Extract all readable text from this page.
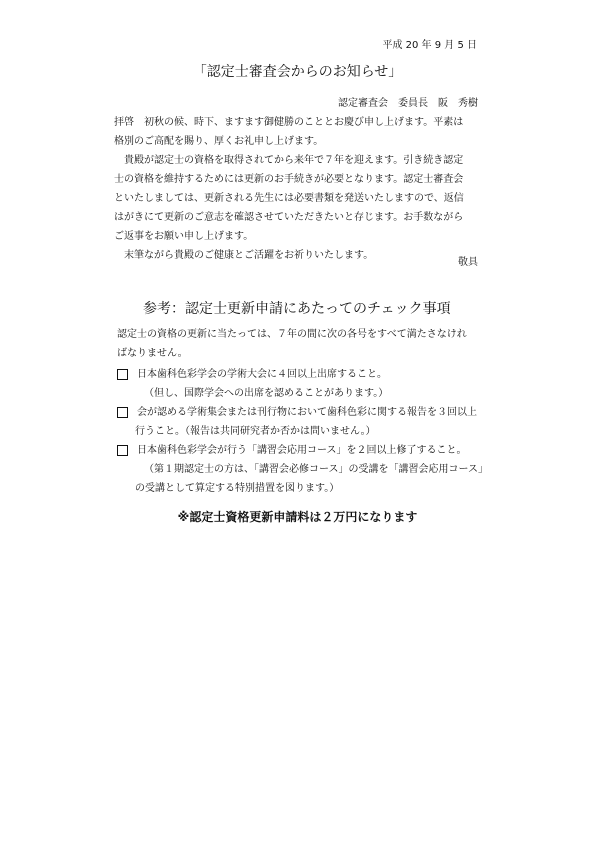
平成 20 年 9 月 5 日
「認定士審査会からのお知らせ」
認定審査会　委員長　阪　秀樹

拝啓　初秋の候、時下、ますます御健勝のこととお慶び申し上げます。平素は

格別のご高配を賜り、厚くお礼申し上げます。

　貴殿が認定士の資格を取得されてから来年で７年を迎えます。引き続き認定

士の資格を維持するためには更新のお手続きが必要となります。認定士審査会

といたしましては、更新される先生には必要書類を発送いたしますので、返信

はがきにて更新のご意志を確認させていただきたいと存じます。お手数ながら

ご返事をお願い申し上げます。

　末筆ながら貴殿のご健康とご活躍をお祈りいたします。

敬具
参考：認定士更新申請にあたってのチェック事項

認定士の資格の更新に当たっては、７年の間に次の各号をすべて満たさなけれ

ばなりません。

日本歯科色彩学会の学術大会に４回以上出席すること。
（但し、国際学会への出席を認めることがあります。）
会が認める学術集会または刊行物において歯科色彩に関する報告を３回以上
行うこと。（報告は共同研究者か否かは問いません。）
日本歯科色彩学会が行う「講習会応用コース」を２回以上修了すること。
（第１期認定士の方は、「講習会必修コース」の受講を「講習会応用コース」
の受講として算定する特別措置を図ります。）
※認定士資格更新申請料は２万円になります
